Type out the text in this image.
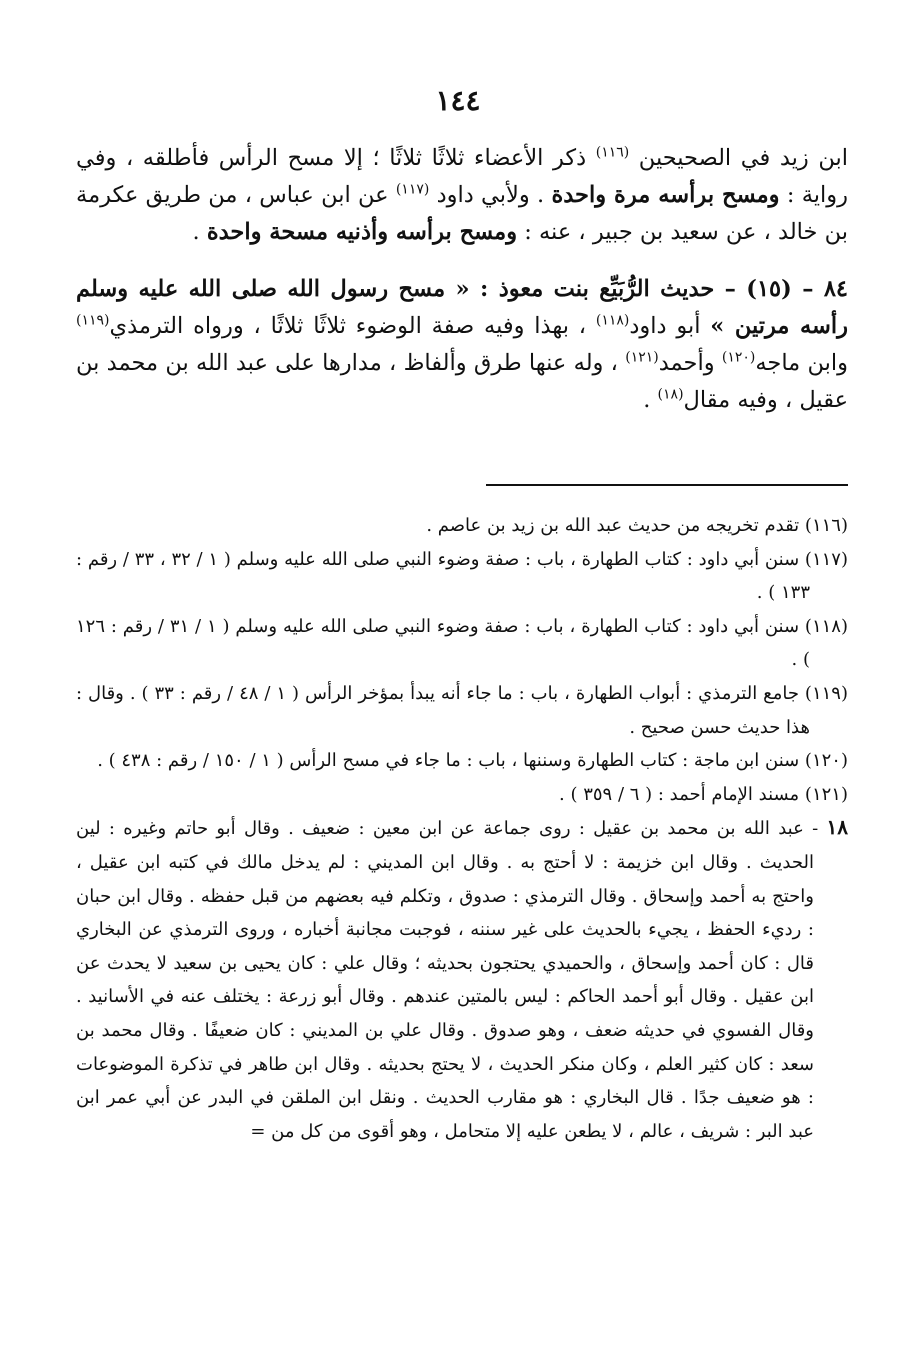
١٤٤

ابن زيد في الصحيحين $^{(١١٦)}$ ذكر الأعضاء ثلاثًا ثلاثًا ؛ إلا مسح الرأس فأطلقه ، وفي رواية : ومسح برأسه مرة واحدة . ولأبي داود $^{(١١٧)}$ عن ابن عباس ، من طريق عكرمة بن خالد ، عن سعيد بن جبير ، عنه : ومسح برأسه وأذنيه مسحة واحدة .

٨٤ – (١٥) – حديث الرُّبَيِّع بنت معوذ : « مسح رسول الله صلى الله عليه وسلم رأسه مرتين » أبو داود$^{(١١٨)}$ ، بهذا وفيه صفة الوضوء ثلاثًا ثلاثًا ، ورواه الترمذي$^{(١١٩)}$ وابن ماجه$^{(١٢٠)}$ وأحمد$^{(١٢١)}$ ، وله عنها طرق وألفاظ ، مدارها على عبد الله بن محمد بن عقيل ، وفيه مقال$^{(١٨)}$ .

(١١٦) تقدم تخريجه من حديث عبد الله بن زيد بن عاصم .
(١١٧) سنن أبي داود : كتاب الطهارة ، باب : صفة وضوء النبي صلى الله عليه وسلم ( ١ / ٣٢ ، ٣٣ / رقم : ١٣٣ ) .
(١١٨) سنن أبي داود : كتاب الطهارة ، باب : صفة وضوء النبي صلى الله عليه وسلم ( ١ / ٣١ / رقم : ١٢٦ ) .
(١١٩) جامع الترمذي : أبواب الطهارة ، باب : ما جاء أنه يبدأ بمؤخر الرأس ( ١ / ٤٨ / رقم : ٣٣ ) . وقال : هذا حديث حسن صحيح .
(١٢٠) سنن ابن ماجة : كتاب الطهارة وسننها ، باب : ما جاء في مسح الرأس ( ١ / ١٥٠ / رقم : ٤٣٨ ) .
(١٢١) مسند الإمام أحمد : ( ٦ / ٣٥٩ ) .
١٨ - عبد الله بن محمد بن عقيل : روى جماعة عن ابن معين : ضعيف . وقال أبو حاتم وغيره : لين الحديث . وقال ابن خزيمة : لا أحتج به . وقال ابن المديني : لم يدخل مالك في كتبه ابن عقيل ، واحتج به أحمد وإسحاق . وقال الترمذي : صدوق ، وتكلم فيه بعضهم من قبل حفظه . وقال ابن حبان : رديء الحفظ ، يجيء بالحديث على غير سننه ، فوجبت مجانبة أخباره ، وروى الترمذي عن البخاري قال : كان أحمد وإسحاق ، والحميدي يحتجون بحديثه ؛ وقال علي : كان يحيى بن سعيد لا يحدث عن ابن عقيل . وقال أبو أحمد الحاكم : ليس بالمتين عندهم . وقال أبو زرعة : يختلف عنه في الأسانيد . وقال الفسوي في حديثه ضعف ، وهو صدوق . وقال علي بن المديني : كان ضعيفًا . وقال محمد بن سعد : كان كثير العلم ، وكان منكر الحديث ، لا يحتج بحديثه . وقال ابن طاهر في تذكرة الموضوعات : هو ضعيف جدًا . قال البخاري : هو مقارب الحديث . ونقل ابن الملقن في البدر عن أبي عمر ابن عبد البر : شريف ، عالم ، لا يطعن عليه إلا متحامل ، وهو أقوى من كل من =
